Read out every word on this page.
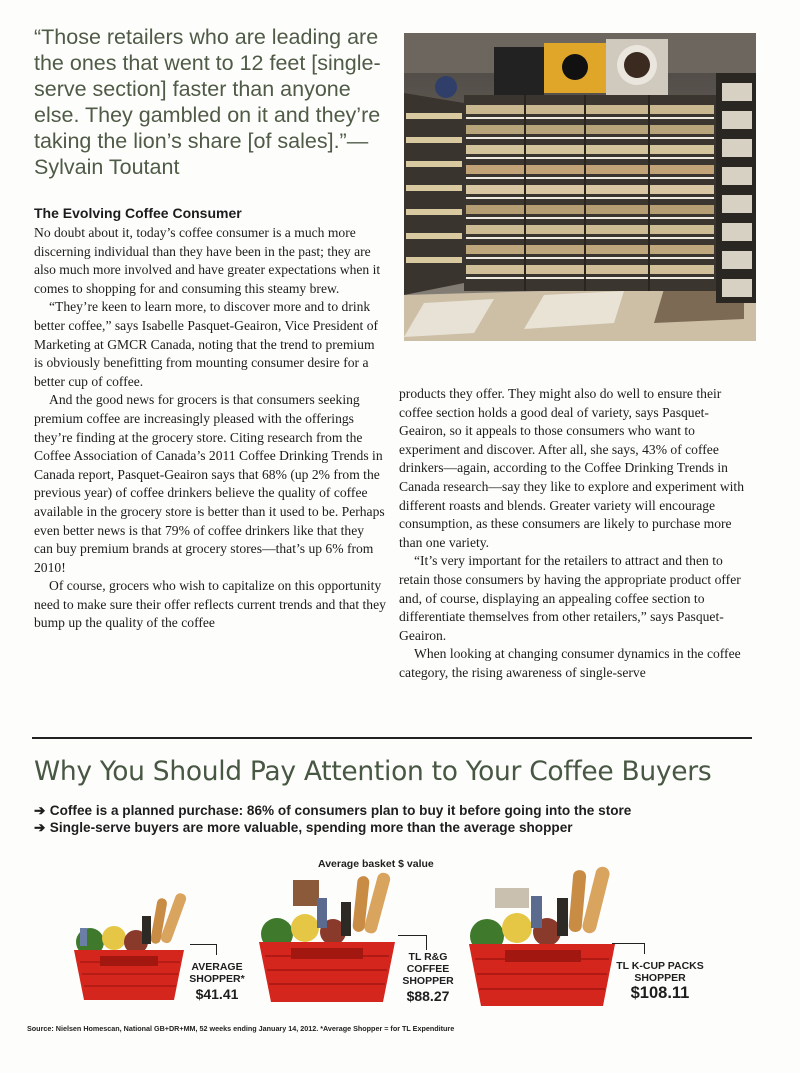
“Those retailers who are leading are the ones that went to 12 feet [single-serve section] faster than anyone else. They gambled on it and they’re taking the lion’s share [of sales].”—Sylvain Toutant

The Evolving Coffee Consumer

No doubt about it, today’s coffee consumer is a much more discerning individual than they have been in the past; they are also much more involved and have greater expectations when it comes to shopping for and consuming this steamy brew.

“They’re keen to learn more, to discover more and to drink better coffee,” says Isabelle Pasquet-Geairon, Vice President of Marketing at GMCR Canada, noting that the trend to premium is obviously benefitting from mounting consumer desire for a better cup of coffee.

And the good news for grocers is that consumers seeking premium coffee are increasingly pleased with the offerings they’re finding at the grocery store. Citing research from the Coffee Association of Canada’s 2011 Coffee Drinking Trends in Canada report, Pasquet-Geairon says that 68% (up 2% from the previous year) of coffee drinkers believe the quality of coffee available in the grocery store is better than it used to be. Perhaps even better news is that 79% of coffee drinkers like that they can buy premium brands at grocery stores—that’s up 6% from 2010!

Of course, grocers who wish to capitalize on this opportunity need to make sure their offer reflects current trends and that they bump up the quality of the coffee

products they offer. They might also do well to ensure their coffee section holds a good deal of variety, says Pasquet-Geairon, so it appeals to those consumers who want to experiment and discover. After all, she says, 43% of coffee drinkers—again, according to the Coffee Drinking Trends in Canada research—say they like to explore and experiment with different roasts and blends. Greater variety will encourage consumption, as these consumers are likely to purchase more than one variety.

“It’s very important for the retailers to attract and then to retain those consumers by having the appropriate product offer and, of course, displaying an appealing coffee section to differentiate themselves from other retailers,” says Pasquet-Geairon.

When looking at changing consumer dynamics in the coffee category, the rising awareness of single-serve

Why You Should Pay Attention to Your Coffee Buyers
➔ Coffee is a planned purchase: 86% of consumers plan to buy it before going into the store
➔ Single-serve buyers are more valuable, spending more than the average shopper
Average basket $ value
AVERAGE SHOPPER*
$41.41
TL R&G COFFEE SHOPPER
$88.27
TL K-CUP PACKS SHOPPER
$108.11
Source: Nielsen Homescan, National GB+DR+MM, 52 weeks ending January 14, 2012. *Average Shopper = for TL Expenditure
